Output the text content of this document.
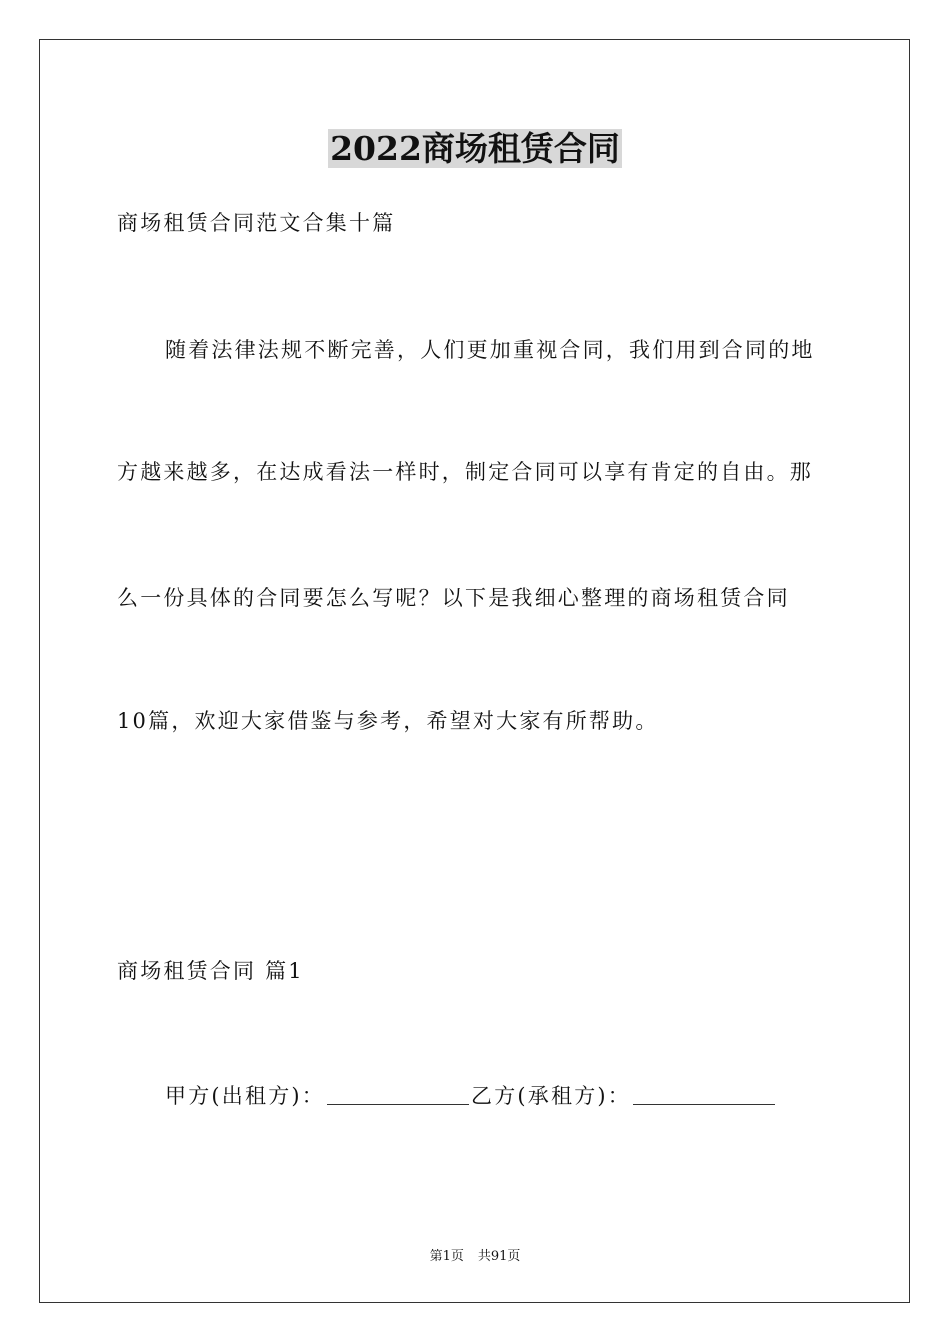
2022商场租赁合同
商场租赁合同范文合集十篇
随着法律法规不断完善，人们更加重视合同，我们用到合同的地
方越来越多，在达成看法一样时，制定合同可以享有肯定的自由。那
么一份具体的合同要怎么写呢？以下是我细心整理的商场租赁合同
10篇，欢迎大家借鉴与参考，希望对大家有所帮助。
商场租赁合同 篇1
甲方(出租方)：	乙方(承租方)：
第1页 共91页
